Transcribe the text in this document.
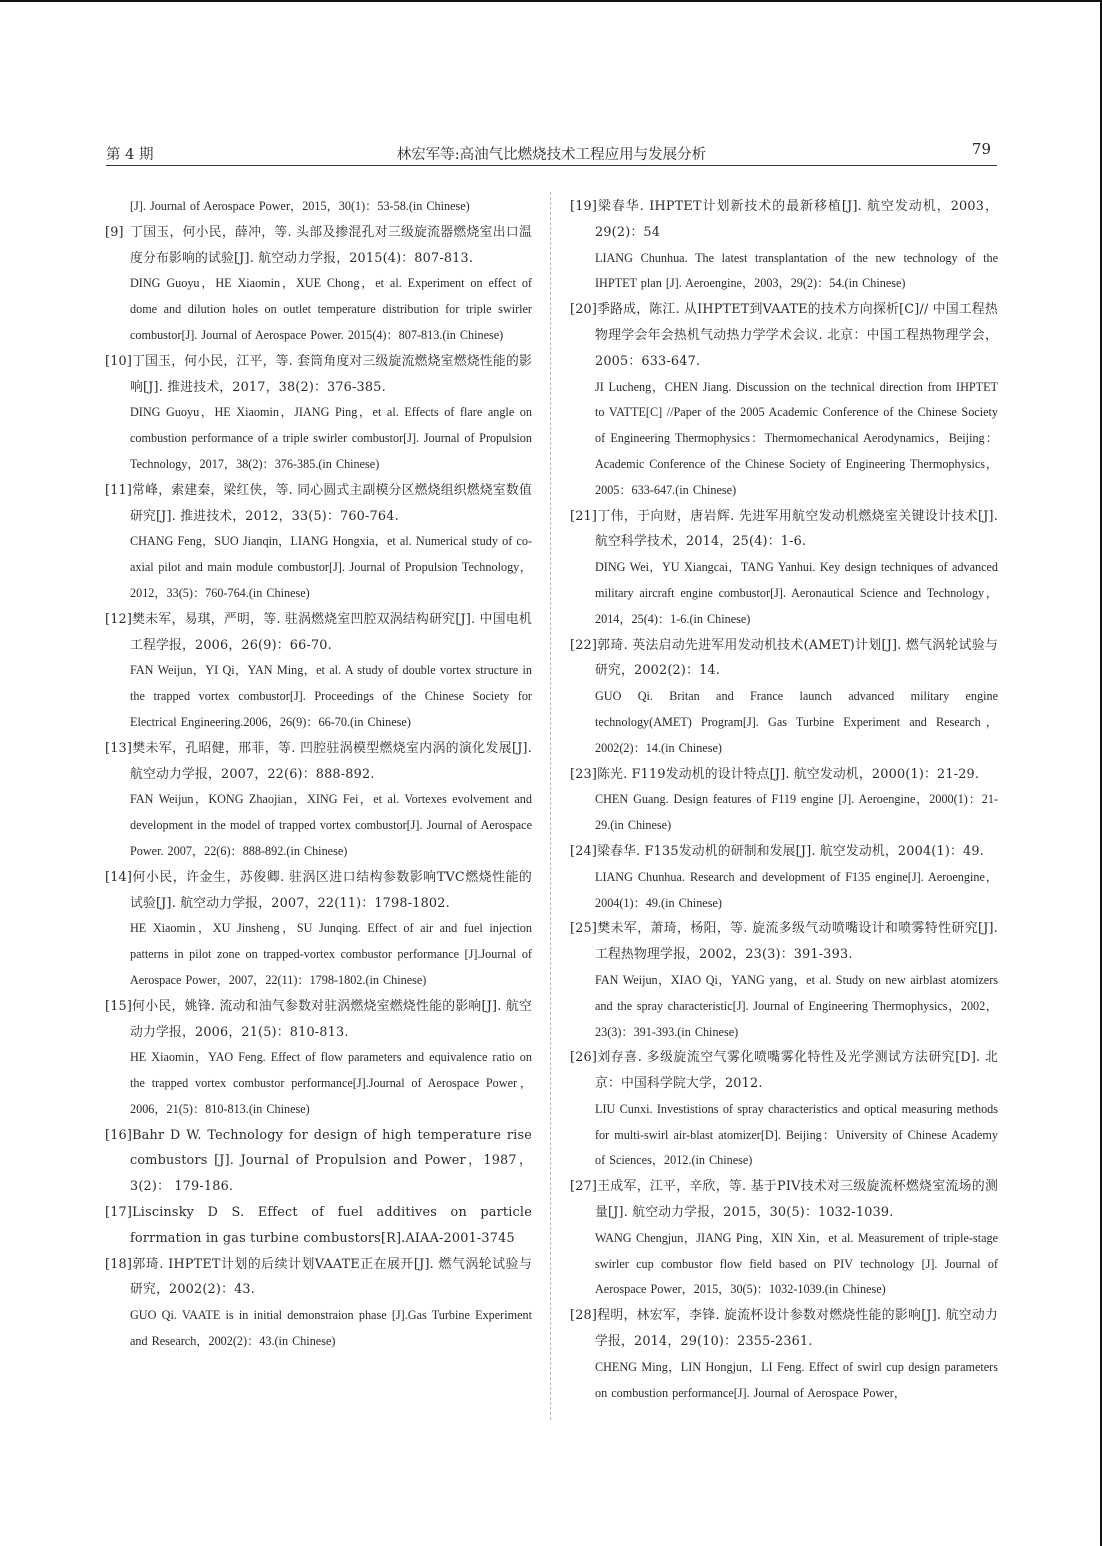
第 4 期	林宏军等:高油气比燃烧技术工程应用与发展分析	79
[J]. Journal of Aerospace Power，2015，30(1)：53-58.(in Chinese)
[9] 丁国玉，何小民，薛冲，等. 头部及掺混孔对三级旋流器燃烧室出口温度分布影响的试验[J]. 航空动力学报，2015(4)：807-813.
DING Guoyu，HE Xiaomin，XUE Chong，et al. Experiment on effect of dome and dilution holes on outlet temperature distribution for triple swirler combustor[J]. Journal of Aerospace Power. 2015(4)：807-813.(in Chinese)
[10]丁国玉，何小民，江平，等. 套筒角度对三级旋流燃烧室燃烧性能的影响[J]. 推进技术，2017，38(2)：376-385.
DING Guoyu，HE Xiaomin，JIANG Ping，et al. Effects of flare angle on combustion performance of a triple swirler combustor[J]. Journal of Propulsion Technology，2017，38(2)：376-385.(in Chinese)
[11]常峰，索建秦，梁红侠，等. 同心圆式主副模分区燃烧组织燃烧室数值研究[J]. 推进技术，2012，33(5)：760-764.
CHANG Feng，SUO Jianqin，LIANG Hongxia，et al. Numerical study of co-axial pilot and main module combustor[J]. Journal of Propulsion Technology，2012，33(5)：760-764.(in Chinese)
[12]樊未军，易琪，严明，等. 驻涡燃烧室凹腔双涡结构研究[J]. 中国电机工程学报，2006，26(9)：66-70.
FAN Weijun，YI Qi，YAN Ming，et al. A study of double vortex structure in the trapped vortex combustor[J]. Proceedings of the Chinese Society for Electrical Engineering.2006，26(9)：66-70.(in Chinese)
[13]樊未军，孔昭健，邢菲，等. 凹腔驻涡模型燃烧室内涡的演化发展[J]. 航空动力学报，2007，22(6)：888-892.
FAN Weijun，KONG Zhaojian，XING Fei，et al. Vortexes evolvement and development in the model of trapped vortex combustor[J]. Journal of Aerospace Power. 2007，22(6)：888-892.(in Chinese)
[14]何小民，许金生，苏俊卿. 驻涡区进口结构参数影响TVC燃烧性能的试验[J]. 航空动力学报，2007，22(11)：1798-1802.
HE Xiaomin，XU Jinsheng，SU Junqing. Effect of air and fuel injection patterns in pilot zone on trapped-vortex combustor performance [J].Journal of Aerospace Power，2007，22(11)：1798-1802.(in Chinese)
[15]何小民，姚锋. 流动和油气参数对驻涡燃烧室燃烧性能的影响[J]. 航空动力学报，2006，21(5)：810-813.
HE Xiaomin，YAO Feng. Effect of flow parameters and equivalence ratio on the trapped vortex combustor performance[J].Journal of Aerospace Power，2006，21(5)：810-813.(in Chinese)
[16]Bahr D W. Technology for design of high temperature rise combustors [J]. Journal of Propulsion and Power，1987，3(2)： 179-186.
[17]Liscinsky D S. Effect of fuel additives on particle forrmation in gas turbine combustors[R].AIAA-2001-3745
[18]郭琦. IHPTET计划的后续计划VAATE正在展开[J]. 燃气涡轮试验与研究，2002(2)：43.
GUO Qi. VAATE is in initial demonstraion phase [J].Gas Turbine Experiment and Research，2002(2)：43.(in Chinese)
[19]梁春华. IHPTET计划新技术的最新移植[J]. 航空发动机，2003，29(2)：54
LIANG Chunhua. The latest transplantation of the new technology of the IHPTET plan [J]. Aeroengine，2003，29(2)：54.(in Chinese)
[20]季路成，陈江. 从IHPTET到VAATE的技术方向探析[C]// 中国工程热物理学会年会热机气动热力学学术会议. 北京：中国工程热物理学会，2005：633-647.
JI Lucheng，CHEN Jiang. Discussion on the technical direction from IHPTET to VATTE[C] //Paper of the 2005 Academic Conference of the Chinese Society of Engineering Thermophysics：Thermomechanical Aerodynamics，Beijing：Academic Conference of the Chinese Society of Engineering Thermophysics，2005：633-647.(in Chinese)
[21]丁伟，于向财，唐岩辉. 先进军用航空发动机燃烧室关键设计技术[J]. 航空科学技术，2014，25(4)：1-6.
DING Wei，YU Xiangcai，TANG Yanhui. Key design techniques of advanced military aircraft engine combustor[J]. Aeronautical Science and Technology，2014，25(4)：1-6.(in Chinese)
[22]郭琦. 英法启动先进军用发动机技术(AMET)计划[J]. 燃气涡轮试验与研究，2002(2)：14.
GUO Qi. Britan and France launch advanced military engine technology(AMET) Program[J]. Gas Turbine Experiment and Research，2002(2)：14.(in Chinese)
[23]陈光. F119发动机的设计特点[J]. 航空发动机，2000(1)：21-29.
CHEN Guang. Design features of F119 engine [J]. Aeroengine，2000(1)：21-29.(in Chinese)
[24]梁春华. F135发动机的研制和发展[J]. 航空发动机，2004(1)：49.
LIANG Chunhua. Research and development of F135 engine[J]. Aeroengine，2004(1)：49.(in Chinese)
[25]樊未军，萧琦，杨阳，等. 旋流多级气动喷嘴设计和喷雾特性研究[J]. 工程热物理学报，2002，23(3)：391-393.
FAN Weijun，XIAO Qi，YANG yang，et al. Study on new airblast atomizers and the spray characteristic[J]. Journal of Engineering Thermophysics，2002，23(3)：391-393.(in Chinese)
[26]刘存喜. 多级旋流空气雾化喷嘴雾化特性及光学测试方法研究[D]. 北京：中国科学院大学，2012.
LIU Cunxi. Investistions of spray characteristics and optical measuring methods for multi-swirl air-blast atomizer[D]. Beijing：University of Chinese Academy of Sciences，2012.(in Chinese)
[27]王成军，江平，辛欣，等. 基于PIV技术对三级旋流杯燃烧室流场的测量[J]. 航空动力学报，2015，30(5)：1032-1039.
WANG Chengjun，JIANG Ping，XIN Xin，et al. Measurement of triple-stage swirler cup combustor flow field based on PIV technology [J]. Journal of Aerospace Power，2015，30(5)：1032-1039.(in Chinese)
[28]程明，林宏军，李锋. 旋流杯设计参数对燃烧性能的影响[J]. 航空动力学报，2014，29(10)：2355-2361.
CHENG Ming，LIN Hongjun，LI Feng. Effect of swirl cup design parameters on combustion performance[J]. Journal of Aerospace Power，
